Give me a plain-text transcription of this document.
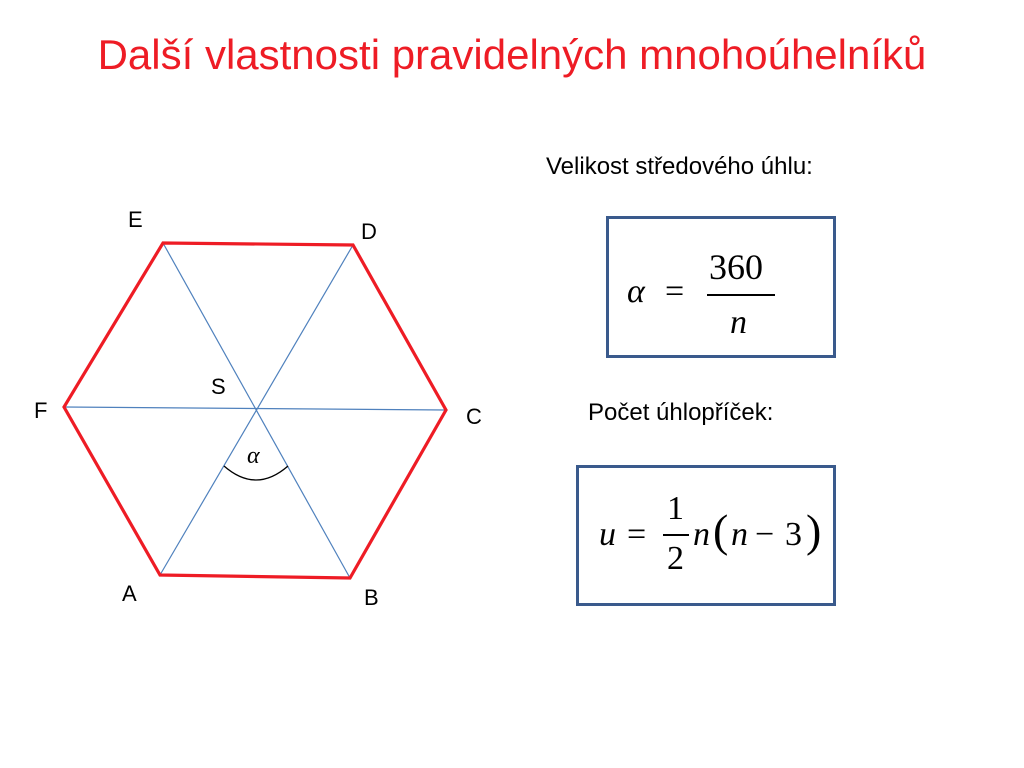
Další vlastnosti pravidelných mnohoúhelníků
α
E	D
S
F	C
A	B
Velikost středového úhlu:
α =
360
n
Počet úhlopříček:
u =
1
2
n ( n − 3 )
